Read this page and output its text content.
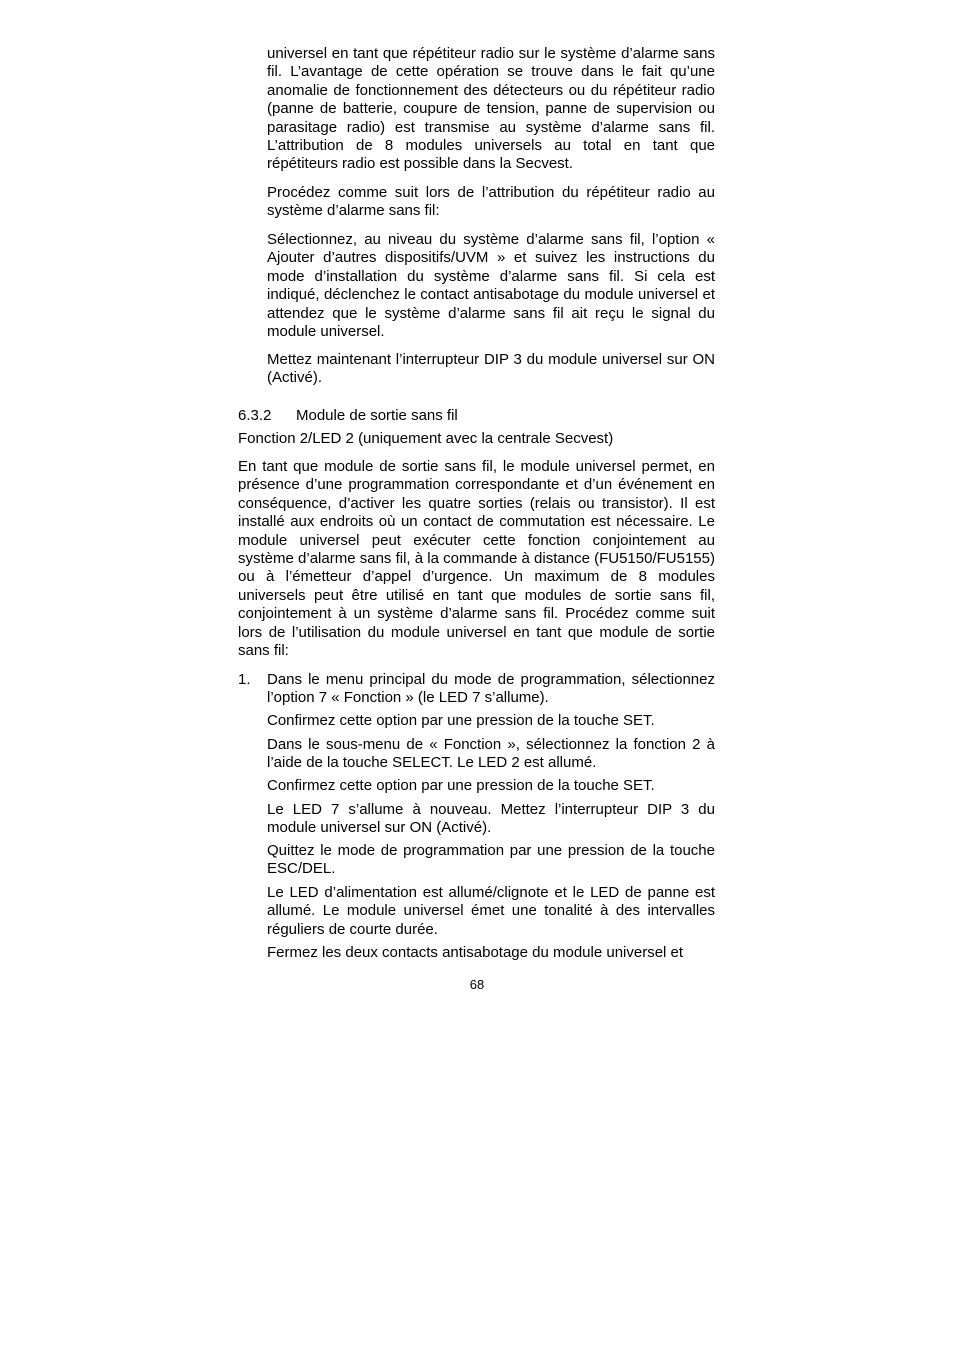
universel en tant que répétiteur radio sur le système d’alarme sans fil. L’avantage de cette opération se trouve dans le fait qu’une anomalie de fonctionnement des détecteurs ou du répétiteur radio (panne de batterie, coupure de tension, panne de supervision ou parasitage radio) est transmise au système d’alarme sans fil. L’attribution de 8 modules universels au total en tant que répétiteurs radio est possible dans la Secvest.

Procédez comme suit lors de l’attribution du répétiteur radio au système d’alarme sans fil:

Sélectionnez, au niveau du système d’alarme sans fil, l’option « Ajouter d’autres dispositifs/UVM » et suivez les instructions du mode d’installation du système d’alarme sans fil. Si cela est indiqué, déclenchez le contact antisabotage du module universel et attendez que le système d’alarme sans fil ait reçu le signal du module universel.

Mettez maintenant l’interrupteur DIP 3 du module universel sur ON (Activé).

6.3.2 Module de sortie sans fil

Fonction 2/LED 2 (uniquement avec la centrale Secvest)

En tant que module de sortie sans fil, le module universel permet, en présence d’une programmation correspondante et d’un événement en conséquence, d’activer les quatre sorties (relais ou transistor). Il est installé aux endroits où un contact de commutation est nécessaire. Le module universel peut exécuter cette fonction conjointement au système d’alarme sans fil, à la commande à distance (FU5150/FU5155) ou à l’émetteur d’appel d’urgence. Un maximum de 8 modules universels peut être utilisé en tant que modules de sortie sans fil, conjointement à un système d’alarme sans fil. Procédez comme suit lors de l’utilisation du module universel en tant que module de sortie sans fil:

1. Dans le menu principal du mode de programmation, sélectionnez l’option 7 « Fonction » (le LED 7 s’allume).

Confirmez cette option par une pression de la touche SET.

Dans le sous-menu de « Fonction », sélectionnez la fonction 2 à l’aide de la touche SELECT. Le LED 2 est allumé.

Confirmez cette option par une pression de la touche SET.

Le LED 7 s’allume à nouveau. Mettez l’interrupteur DIP 3 du module universel sur ON (Activé).

Quittez le mode de programmation par une pression de la touche ESC/DEL.

Le LED d’alimentation est allumé/clignote et le LED de panne est allumé. Le module universel émet une tonalité à des intervalles réguliers de courte durée.

Fermez les deux contacts antisabotage du module universel et

68
